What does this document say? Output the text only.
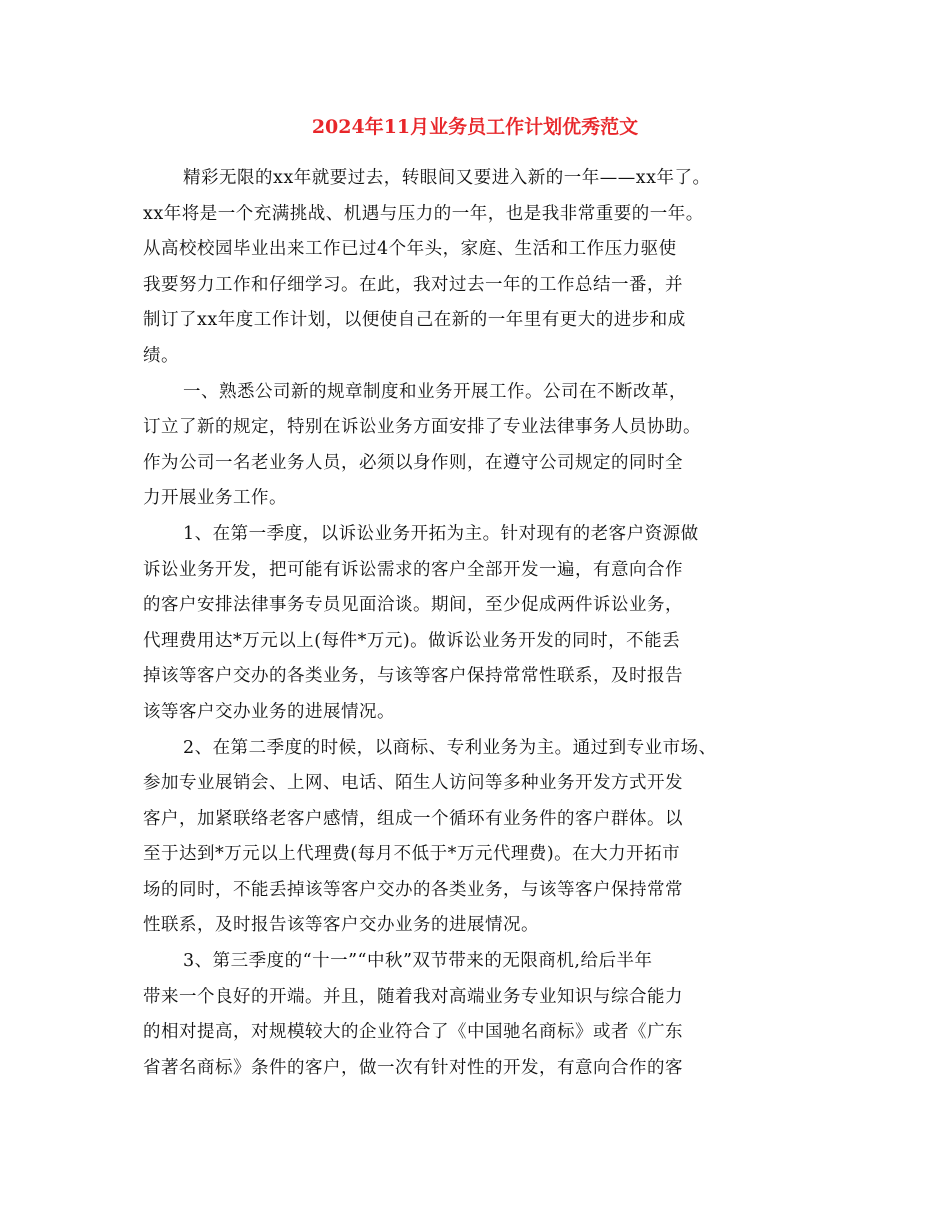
2024年11月业务员工作计划优秀范文
精彩无限的xx年就要过去，转眼间又要进入新的一年——xx年了。
xx年将是一个充满挑战、机遇与压力的一年，也是我非常重要的一年。
从高校校园毕业出来工作已过4个年头，家庭、生活和工作压力驱使
我要努力工作和仔细学习。在此，我对过去一年的工作总结一番，并
制订了xx年度工作计划，以便使自己在新的一年里有更大的进步和成
绩。
一、熟悉公司新的规章制度和业务开展工作。公司在不断改革，
订立了新的规定，特别在诉讼业务方面安排了专业法律事务人员协助。
作为公司一名老业务人员，必须以身作则，在遵守公司规定的同时全
力开展业务工作。
1、在第一季度，以诉讼业务开拓为主。针对现有的老客户资源做
诉讼业务开发，把可能有诉讼需求的客户全部开发一遍，有意向合作
的客户安排法律事务专员见面洽谈。期间，至少促成两件诉讼业务，
代理费用达*万元以上(每件*万元)。做诉讼业务开发的同时，不能丢
掉该等客户交办的各类业务，与该等客户保持常常性联系，及时报告
该等客户交办业务的进展情况。
2、在第二季度的时候，以商标、专利业务为主。通过到专业市场、
参加专业展销会、上网、电话、陌生人访问等多种业务开发方式开发
客户，加紧联络老客户感情，组成一个循环有业务件的客户群体。以
至于达到*万元以上代理费(每月不低于*万元代理费)。在大力开拓市
场的同时，不能丢掉该等客户交办的各类业务，与该等客户保持常常
性联系，及时报告该等客户交办业务的进展情况。
3、第三季度的“十一”“中秋”双节带来的无限商机,给后半年
带来一个良好的开端。并且，随着我对高端业务专业知识与综合能力
的相对提高，对规模较大的企业符合了《中国驰名商标》或者《广东
省著名商标》条件的客户，做一次有针对性的开发，有意向合作的客
